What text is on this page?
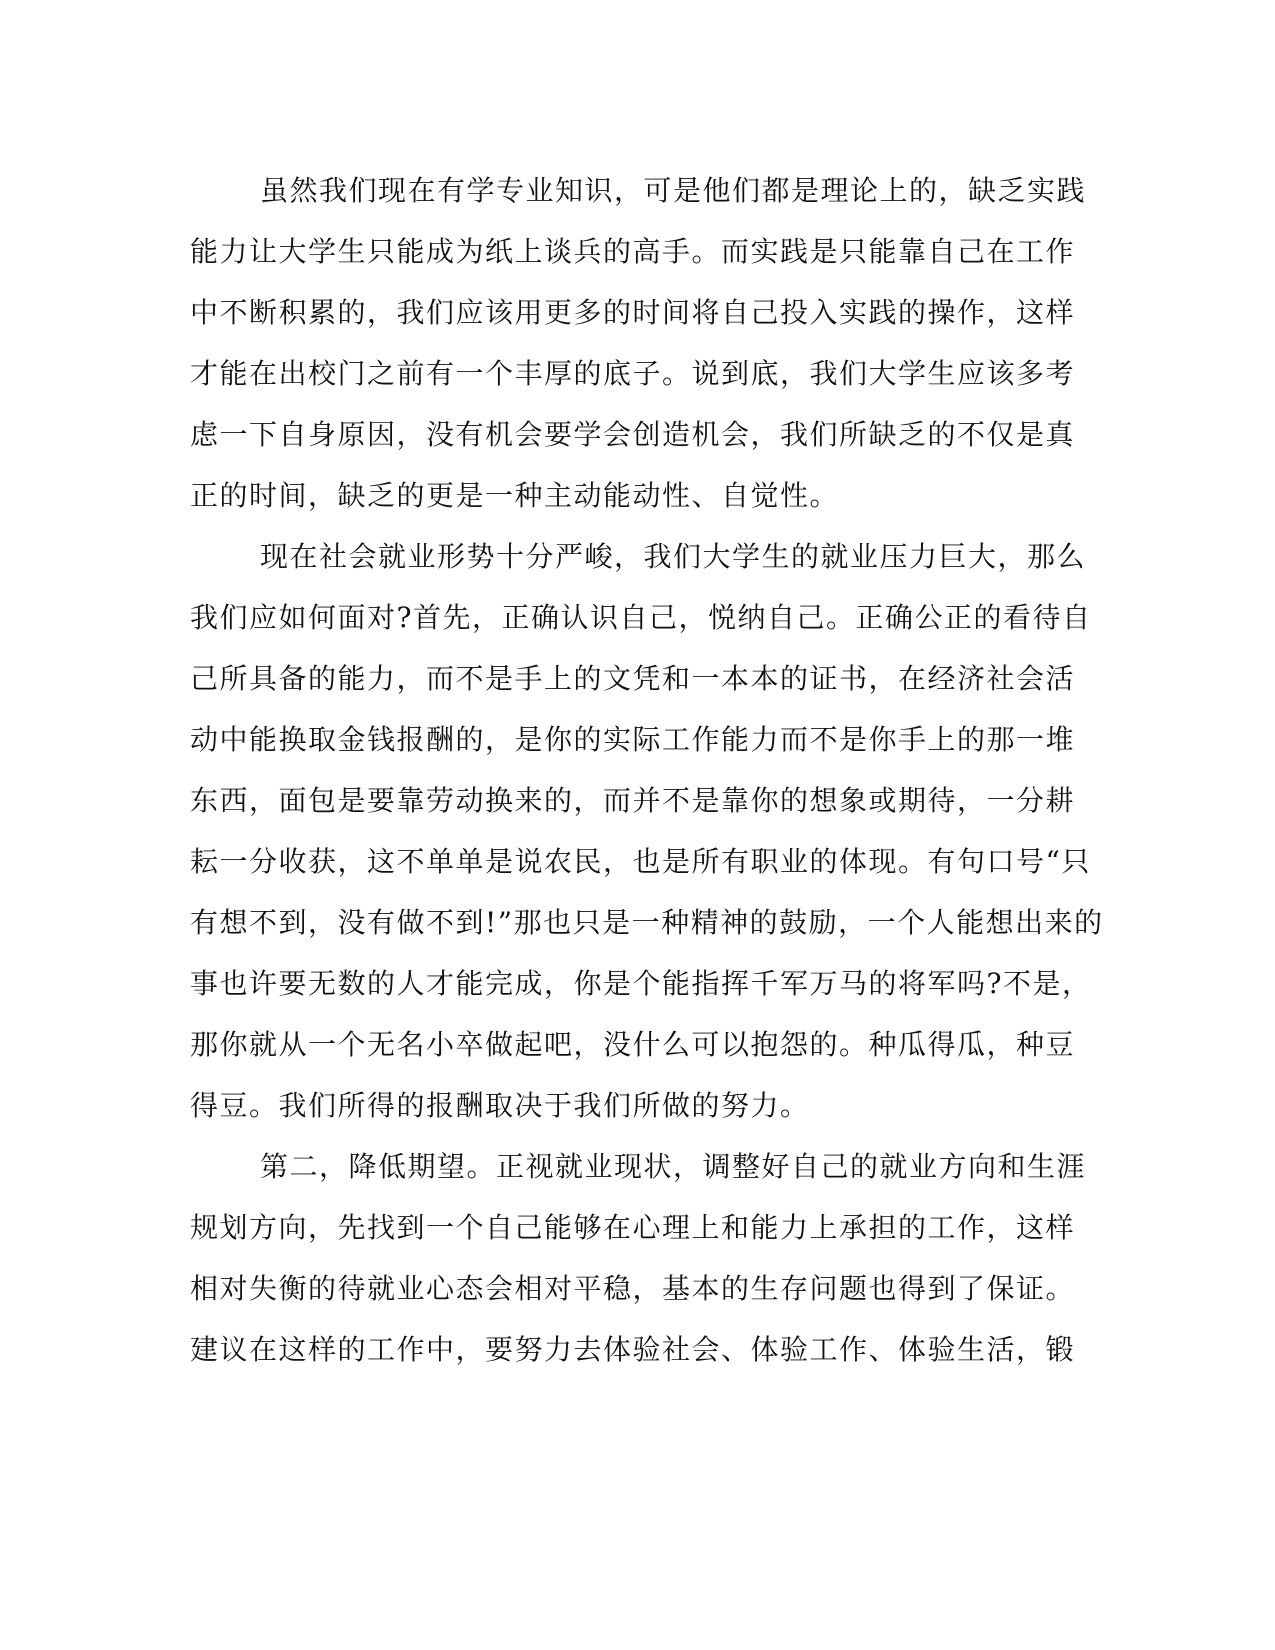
虽然我们现在有学专业知识，可是他们都是理论上的，缺乏实践
能力让大学生只能成为纸上谈兵的高手。而实践是只能靠自己在工作
中不断积累的，我们应该用更多的时间将自己投入实践的操作，这样
才能在出校门之前有一个丰厚的底子。说到底，我们大学生应该多考
虑一下自身原因，没有机会要学会创造机会，我们所缺乏的不仅是真
正的时间，缺乏的更是一种主动能动性、自觉性。
现在社会就业形势十分严峻，我们大学生的就业压力巨大，那么
我们应如何面对?首先，正确认识自己，悦纳自己。正确公正的看待自
己所具备的能力，而不是手上的文凭和一本本的证书，在经济社会活
动中能换取金钱报酬的，是你的实际工作能力而不是你手上的那一堆
东西，面包是要靠劳动换来的，而并不是靠你的想象或期待，一分耕
耘一分收获，这不单单是说农民，也是所有职业的体现。有句口号“只
有想不到，没有做不到!”那也只是一种精神的鼓励，一个人能想出来的
事也许要无数的人才能完成，你是个能指挥千军万马的将军吗?不是，
那你就从一个无名小卒做起吧，没什么可以抱怨的。种瓜得瓜，种豆
得豆。我们所得的报酬取决于我们所做的努力。
第二，降低期望。正视就业现状，调整好自己的就业方向和生涯
规划方向，先找到一个自己能够在心理上和能力上承担的工作，这样
相对失衡的待就业心态会相对平稳，基本的生存问题也得到了保证。
建议在这样的工作中，要努力去体验社会、体验工作、体验生活，锻
